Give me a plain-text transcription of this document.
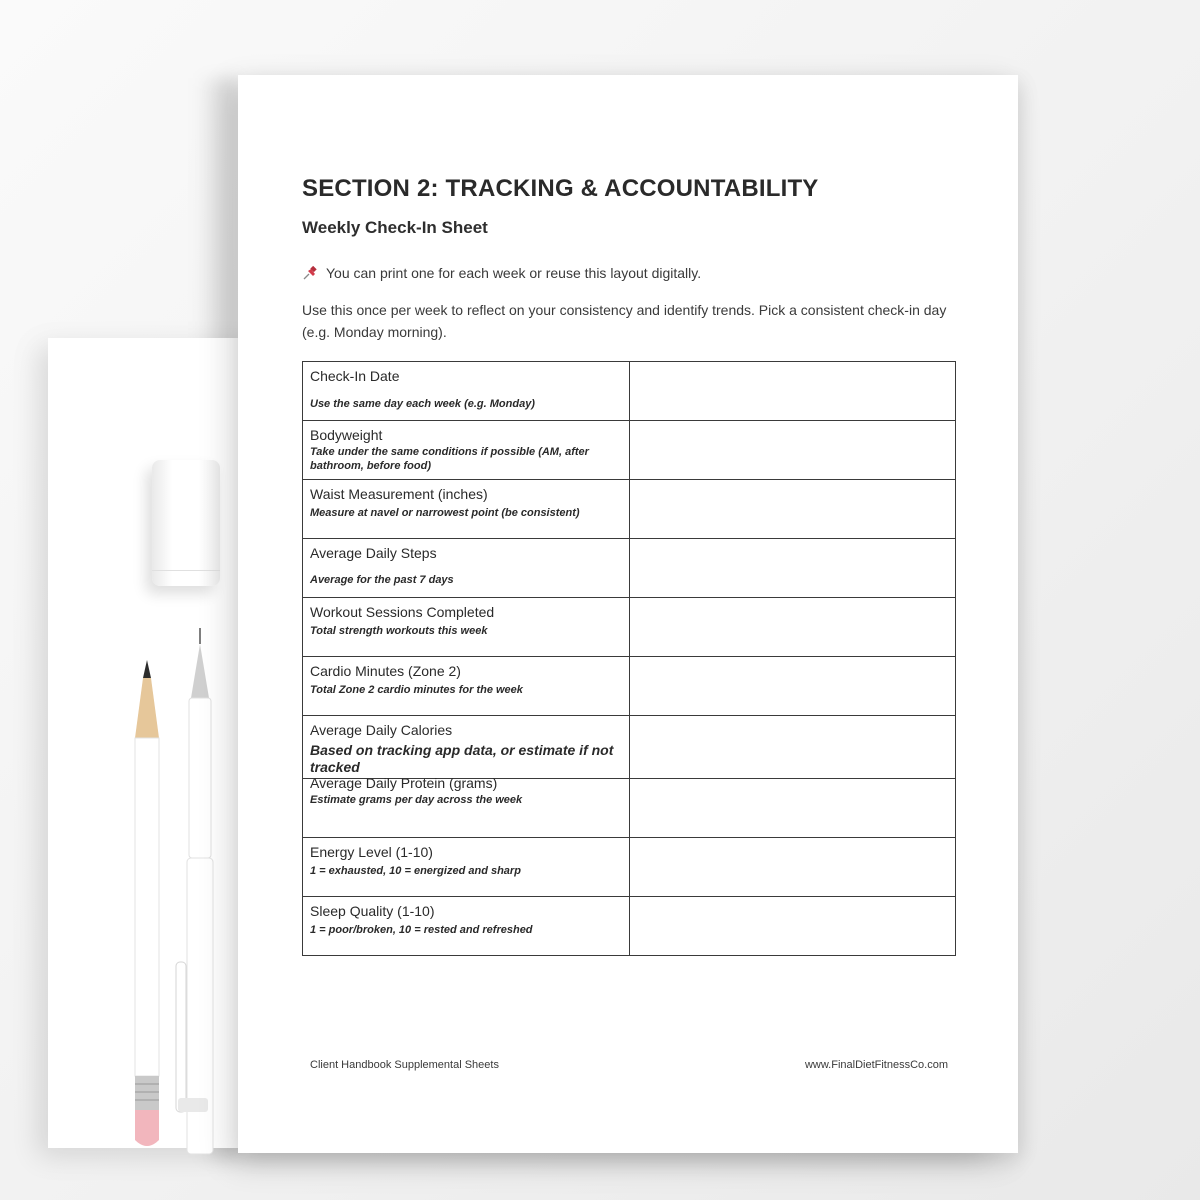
SECTION 2: TRACKING & ACCOUNTABILITY
Weekly Check-In Sheet
You can print one for each week or reuse this layout digitally.
Use this once per week to reflect on your consistency and identify trends. Pick a consistent check-in day (e.g. Monday morning).
Check-In Date
Use the same day each week (e.g. Monday)	

Bodyweight
Take under the same conditions if possible (AM, after bathroom, before food)	

Waist Measurement (inches)
Measure at navel or narrowest point (be consistent)	

Average Daily Steps
Average for the past 7 days	

Workout Sessions Completed
Total strength workouts this week	

Cardio Minutes (Zone 2)
Total Zone 2 cardio minutes for the week	

Average Daily Calories
Based on tracking app data, or estimate if not tracked	

Average Daily Protein (grams)
Estimate grams per day across the week	

Energy Level (1-10)
1 = exhausted, 10 = energized and sharp	

Sleep Quality (1-10)
1 = poor/broken, 10 = rested and refreshed	

Client Handbook Supplemental Sheets	www.FinalDietFitnessCo.com
